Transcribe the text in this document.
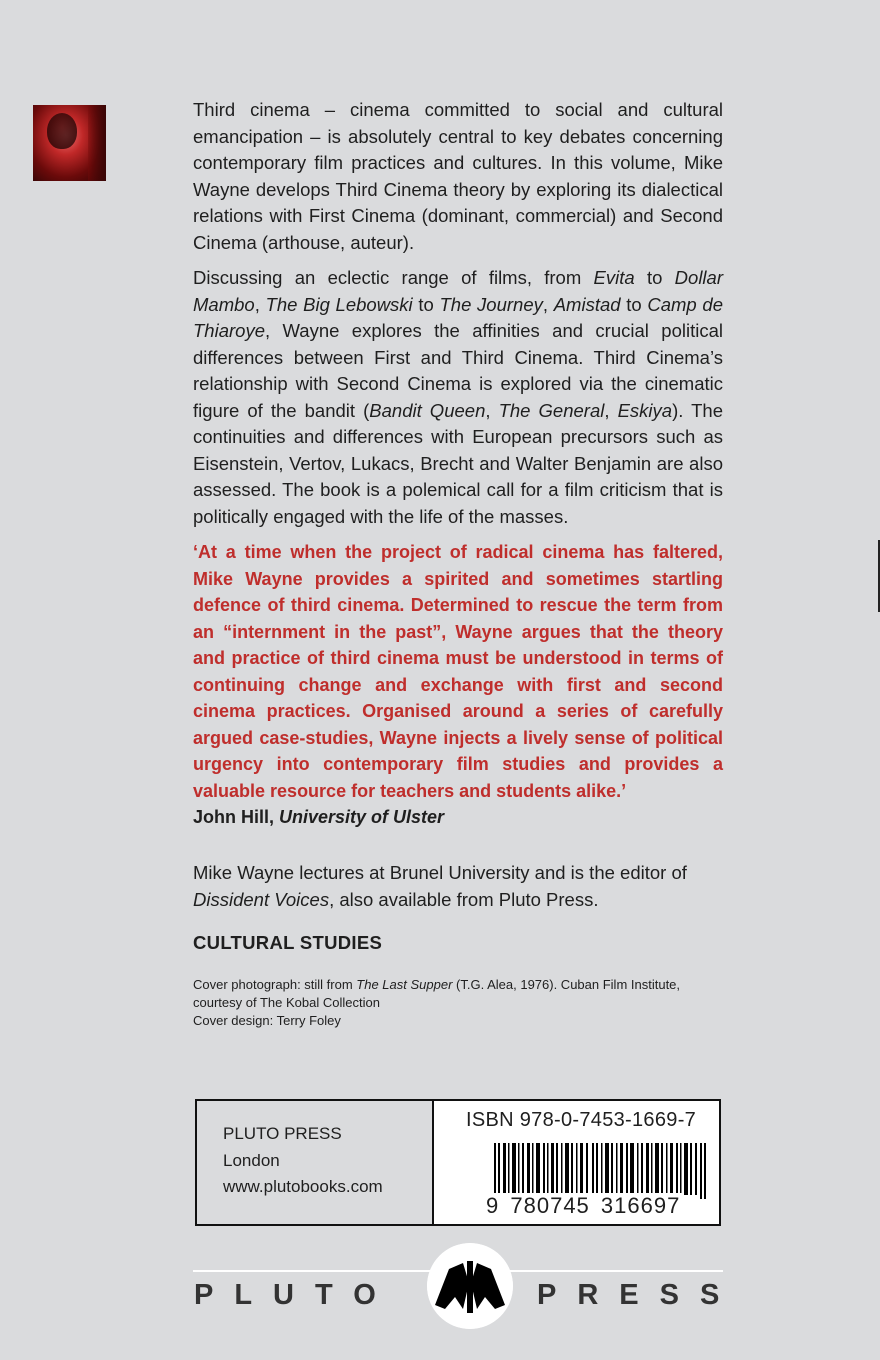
Third cinema – cinema committed to social and cultural emancipation – is absolutely central to key debates concerning contemporary film practices and cultures. In this volume, Mike Wayne develops Third Cinema theory by exploring its dialectical relations with First Cinema (dominant, commercial) and Second Cinema (arthouse, auteur).

Discussing an eclectic range of films, from Evita to Dollar Mambo, The Big Lebowski to The Journey, Amistad to Camp de Thiaroye, Wayne explores the affinities and crucial political differences between First and Third Cinema. Third Cinema’s relationship with Second Cinema is explored via the cinematic figure of the bandit (Bandit Queen, The General, Eskiya). The continuities and differences with European precursors such as Eisenstein, Vertov, Lukacs, Brecht and Walter Benjamin are also assessed. The book is a polemical call for a film criticism that is politically engaged with the life of the masses.

‘At a time when the project of radical cinema has faltered, Mike Wayne provides a spirited and sometimes startling defence of third cinema. Determined to rescue the term from an “internment in the past”, Wayne argues that the theory and practice of third cinema must be understood in terms of continuing change and exchange with first and second cinema practices. Organised around a series of carefully argued case-studies, Wayne injects a lively sense of political urgency into contemporary film studies and provides a valuable resource for teachers and students alike.’
John Hill, University of Ulster
Mike Wayne lectures at Brunel University and is the editor of Dissident Voices, also available from Pluto Press.
CULTURAL STUDIES
Cover photograph: still from The Last Supper (T.G. Alea, 1976). Cuban Film Institute, courtesy of The Kobal Collection
Cover design: Terry Foley
PLUTO PRESS
London
www.plutobooks.com
ISBN 978-0-7453-1669-7
9 780745 316697
PLUTO	PRESS
